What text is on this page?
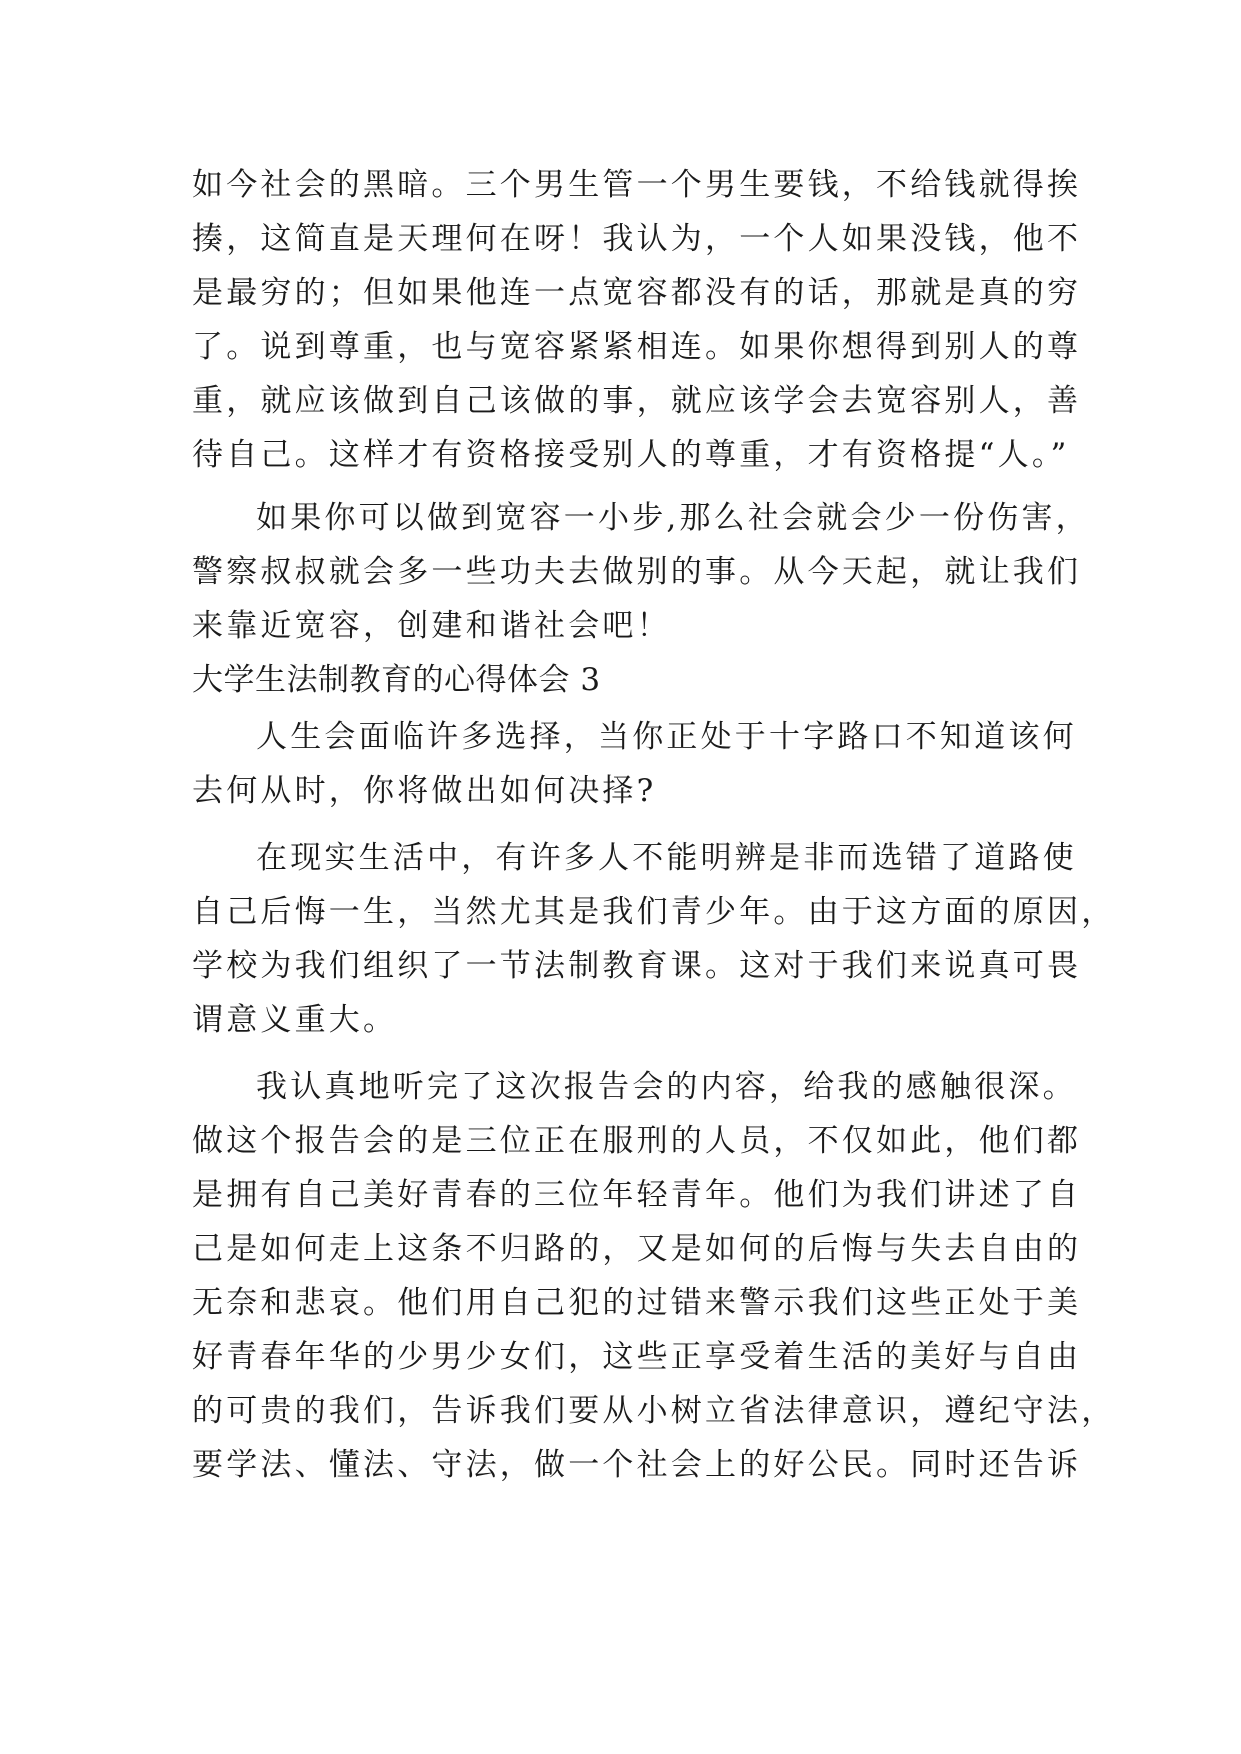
如今社会的黑暗。三个男生管一个男生要钱，不给钱就得挨
揍，这简直是天理何在呀！我认为，一个人如果没钱，他不
是最穷的；但如果他连一点宽容都没有的话，那就是真的穷
了。说到尊重，也与宽容紧紧相连。如果你想得到别人的尊
重，就应该做到自己该做的事，就应该学会去宽容别人，善
待自己。这样才有资格接受别人的尊重，才有资格提“人。”
如果你可以做到宽容一小步,那么社会就会少一份伤害，
警察叔叔就会多一些功夫去做别的事。从今天起，就让我们
来靠近宽容，创建和谐社会吧！
大学生法制教育的心得体会 3
人生会面临许多选择，当你正处于十字路口不知道该何
去何从时，你将做出如何决择?
在现实生活中，有许多人不能明辨是非而选错了道路使
自己后悔一生，当然尤其是我们青少年。由于这方面的原因，
学校为我们组织了一节法制教育课。这对于我们来说真可畏
谓意义重大。
我认真地听完了这次报告会的内容，给我的感触很深。
做这个报告会的是三位正在服刑的人员，不仅如此，他们都
是拥有自己美好青春的三位年轻青年。他们为我们讲述了自
己是如何走上这条不归路的，又是如何的后悔与失去自由的
无奈和悲哀。他们用自己犯的过错来警示我们这些正处于美
好青春年华的少男少女们，这些正享受着生活的美好与自由
的可贵的我们，告诉我们要从小树立省法律意识，遵纪守法，
要学法、懂法、守法，做一个社会上的好公民。同时还告诉
